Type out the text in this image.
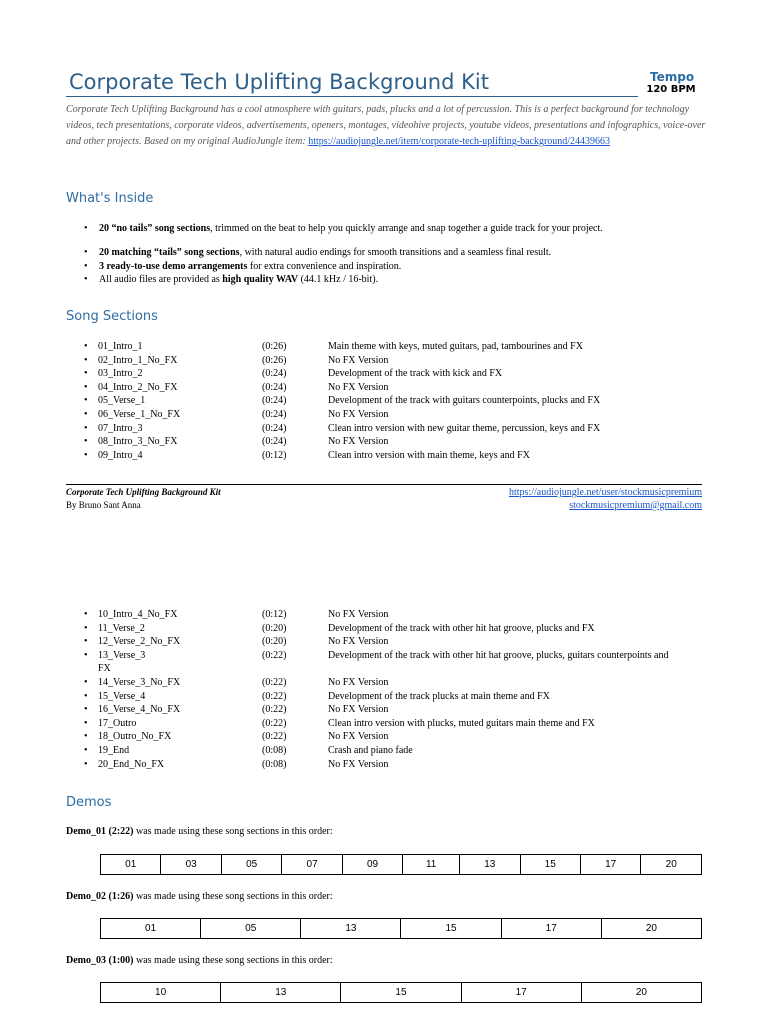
Corporate Tech Uplifting Background Kit	Tempo
120 BPM
Corporate Tech Uplifting Background has a cool atmosphere with guitars, pads, plucks and a lot of percussion. This is a perfect background for technology videos, tech presentations, corporate videos, advertisements, openers, montages, videohive projects, youtube videos, presentations and infographics, voice-over and other projects. Based on my original AudioJungle item: https://audiojungle.net/item/corporate-tech-uplifting-background/24439663
What's Inside
• 20 “no tails” song sections, trimmed on the beat to help you quickly arrange and snap together a guide track for your project.
• 20 matching “tails” song sections, with natural audio endings for smooth transitions and a seamless final result.
• 3 ready-to-use demo arrangements for extra convenience and inspiration.
• All audio files are provided as high quality WAV (44.1 kHz / 16-bit).
Song Sections
• 01_Intro_1	(0:26)	Main theme with keys, muted guitars, pad, tambourines and FX
• 02_Intro_1_No_FX	(0:26)	No FX Version
• 03_Intro_2	(0:24)	Development of the track with kick and FX
• 04_Intro_2_No_FX	(0:24)	No FX Version
• 05_Verse_1	(0:24)	Development of the track with guitars counterpoints, plucks and FX
• 06_Verse_1_No_FX	(0:24)	No FX Version
• 07_Intro_3	(0:24)	Clean intro version with new guitar theme, percussion, keys and FX
• 08_Intro_3_No_FX	(0:24)	No FX Version
• 09_Intro_4	(0:12)	Clean intro version with main theme, keys and FX
Corporate Tech Uplifting Background Kit
By Bruno Sant Anna
https://audiojungle.net/user/stockmusicpremium
stockmusicpremium@gmail.com
• 10_Intro_4_No_FX	(0:12)	No FX Version
• 11_Verse_2	(0:20)	Development of the track with other hit hat groove, plucks and FX
• 12_Verse_2_No_FX	(0:20)	No FX Version
• 13_Verse_3	(0:22)	Development of the track with other hit hat groove, plucks, guitars counterpoints and
FX
• 14_Verse_3_No_FX	(0:22)	No FX Version
• 15_Verse_4	(0:22)	Development of the track plucks at main theme and FX
• 16_Verse_4_No_FX	(0:22)	No FX Version
• 17_Outro	(0:22)	Clean intro version with plucks, muted guitars main theme and FX
• 18_Outro_No_FX	(0:22)	No FX Version
• 19_End	(0:08)	Crash and piano fade
• 20_End_No_FX	(0:08)	No FX Version
Demos
Demo_01 (2:22) was made using these song sections in this order:
01	03	05	07	09	11	13	15	17	20
Demo_02 (1:26) was made using these song sections in this order:
01	05	13	15	17	20
Demo_03 (1:00) was made using these song sections in this order:
10	13	15	17	20
